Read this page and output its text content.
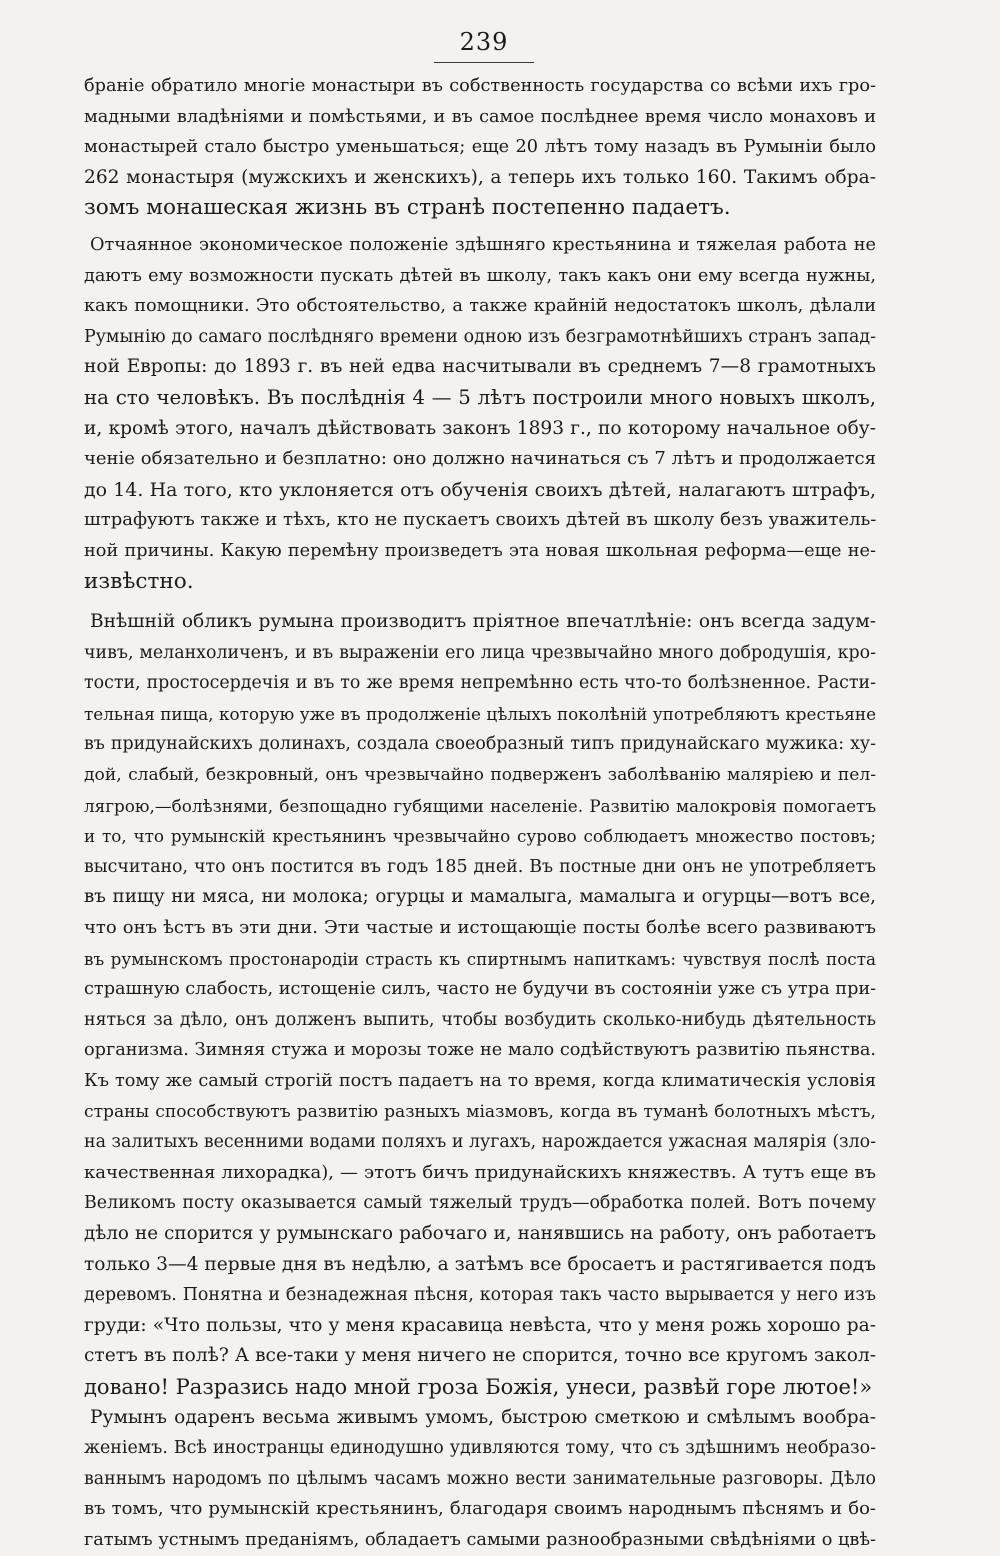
239
бранiе обратило многiе монастыри въ собственность государства со всѣми ихъ гро-
мадными владѣнiями и помѣстьями, и въ самое послѣднее время число монаховъ и
монастырей стало быстро уменьшаться; еще 20 лѣтъ тому назадъ въ Румынiи было
262 монастыря (мужскихъ и женскихъ), а теперь ихъ только 160. Такимъ обра-
зомъ монашеская жизнь въ странѣ постепенно падаетъ.
Отчаянное экономическое положенiе здѣшняго крестьянина и тяжелая работа не
даютъ ему возможности пускать дѣтей въ школу, такъ какъ они ему всегда нужны,
какъ помощники. Это обстоятельство, а также крайнiй недостатокъ школъ, дѣлали
Румынiю до самаго послѣдняго времени одною изъ безграмотнѣйшихъ странъ запад-
ной Европы: до 1893 г. въ ней едва насчитывали въ среднемъ 7—8 грамотныхъ
на сто человѣкъ. Въ послѣднiя 4 — 5 лѣтъ построили много новыхъ школъ,
и, кромѣ этого, началъ дѣйствовать законъ 1893 г., по которому начальное обу-
ченiе обязательно и безплатно: оно должно начинаться съ 7 лѣтъ и продолжается
до 14. На того, кто уклоняется отъ обученiя своихъ дѣтей, налагаютъ штрафъ,
штрафуютъ также и тѣхъ, кто не пускаетъ своихъ дѣтей въ школу безъ уважитель-
ной причины. Какую перемѣну произведетъ эта новая школьная реформа—еще не-
извѣстно.
Внѣшнiй обликъ румына производитъ прiятное впечатлѣнiе: онъ всегда задум-
чивъ, меланхоличенъ, и въ выраженiи его лица чрезвычайно много добродушiя, кро-
тости, простосердечiя и въ то же время непремѣнно есть что-то болѣзненное. Расти-
тельная пища, которую уже въ продолженiе цѣлыхъ поколѣнiй употребляютъ крестьяне
въ придунайскихъ долинахъ, создала своеобразный типъ придунайскаго мужика: ху-
дой, слабый, безкровный, онъ чрезвычайно подверженъ заболѣванiю малярiею и пел-
лягрою,—болѣзнями, безпощадно губящими населенiе. Развитiю малокровiя помогаетъ
и то, что румынскiй крестьянинъ чрезвычайно сурово соблюдаетъ множество постовъ;
высчитано, что онъ постится въ годъ 185 дней. Въ постные дни онъ не употребляетъ
въ пищу ни мяса, ни молока; огурцы и мамалыга, мамалыга и огурцы—вотъ все,
что онъ ѣстъ въ эти дни. Эти частые и истощающiе посты болѣе всего развиваютъ
въ румынскомъ простонародiи страсть къ спиртнымъ напиткамъ: чувствуя послѣ поста
страшную слабость, истощенiе силъ, часто не будучи въ состоянiи уже съ утра при-
няться за дѣло, онъ долженъ выпить, чтобы возбудить сколько-нибудь дѣятельность
организма. Зимняя стужа и морозы тоже не мало содѣйствуютъ развитiю пьянства.
Къ тому же самый строгiй постъ падаетъ на то время, когда климатическiя условiя
страны способствуютъ развитiю разныхъ мiазмовъ, когда въ туманѣ болотныхъ мѣстъ,
на залитыхъ весенними водами поляхъ и лугахъ, нарождается ужасная малярiя (зло-
качественная лихорадка), — этотъ бичъ придунайскихъ княжествъ. А тутъ еще въ
Великомъ посту оказывается самый тяжелый трудъ—обработка полей. Вотъ почему
дѣло не спорится у румынскаго рабочаго и, нанявшись на работу, онъ работаетъ
только 3—4 первые дня въ недѣлю, а затѣмъ все бросаетъ и растягивается подъ
деревомъ. Понятна и безнадежная пѣсня, которая такъ часто вырывается у него изъ
груди: «Что пользы, что у меня красавица невѣста, что у меня рожь хорошо ра-
стетъ въ полѣ? А все-таки у меня ничего не спорится, точно все кругомъ закол-
довано! Разразись надо мной гроза Божiя, унеси, развѣй горе лютое!»
Румынъ одаренъ весьма живымъ умомъ, быстрою сметкою и смѣлымъ вообра-
женiемъ. Всѣ иностранцы единодушно удивляются тому, что съ здѣшнимъ необразо-
ваннымъ народомъ по цѣлымъ часамъ можно вести занимательные разговоры. Дѣло
въ томъ, что румынскiй крестьянинъ, благодаря своимъ народнымъ пѣснямъ и бо-
гатымъ устнымъ преданiямъ, обладаетъ самыми разнообразными свѣдѣнiями о цвѣ-
